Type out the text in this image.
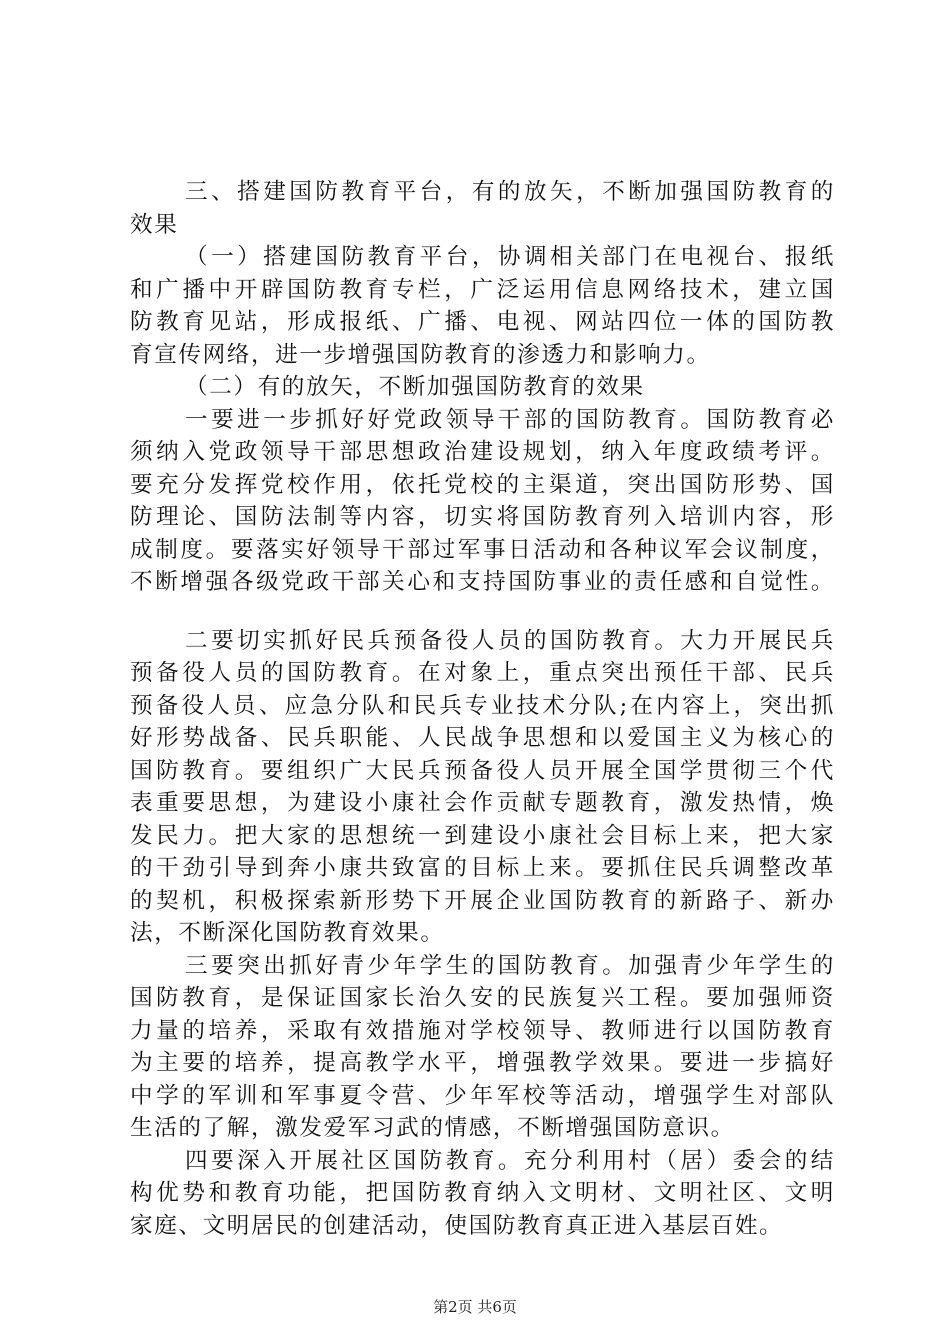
三、搭建国防教育平台，有的放矢，不断加强国防教育的
效果
（一）搭建国防教育平台，协调相关部门在电视台、报纸
和广播中开辟国防教育专栏，广泛运用信息网络技术，建立国
防教育见站，形成报纸、广播、电视、网站四位一体的国防教
育宣传网络，进一步增强国防教育的渗透力和影响力。
（二）有的放矢，不断加强国防教育的效果
一要进一步抓好好党政领导干部的国防教育。国防教育必
须纳入党政领导干部思想政治建设规划，纳入年度政绩考评。
要充分发挥党校作用，依托党校的主渠道，突出国防形势、国
防理论、国防法制等内容，切实将国防教育列入培训内容，形
成制度。要落实好领导干部过军事日活动和各种议军会议制度，
不断增强各级党政干部关心和支持国防事业的责任感和自觉性。
二要切实抓好民兵预备役人员的国防教育。大力开展民兵
预备役人员的国防教育。在对象上，重点突出预任干部、民兵
预备役人员、应急分队和民兵专业技术分队;在内容上，突出抓
好形势战备、民兵职能、人民战争思想和以爱国主义为核心的
国防教育。要组织广大民兵预备役人员开展全国学贯彻三个代
表重要思想，为建设小康社会作贡献专题教育，激发热情，焕
发民力。把大家的思想统一到建设小康社会目标上来，把大家
的干劲引导到奔小康共致富的目标上来。要抓住民兵调整改革
的契机，积极探索新形势下开展企业国防教育的新路子、新办
法，不断深化国防教育效果。
三要突出抓好青少年学生的国防教育。加强青少年学生的
国防教育，是保证国家长治久安的民族复兴工程。要加强师资
力量的培养，采取有效措施对学校领导、教师进行以国防教育
为主要的培养，提高教学水平，增强教学效果。要进一步搞好
中学的军训和军事夏令营、少年军校等活动，增强学生对部队
生活的了解，激发爱军习武的情感，不断增强国防意识。
四要深入开展社区国防教育。充分利用村（居）委会的结
构优势和教育功能，把国防教育纳入文明材、文明社区、文明
家庭、文明居民的创建活动，使国防教育真正进入基层百姓。
第2页 共6页
